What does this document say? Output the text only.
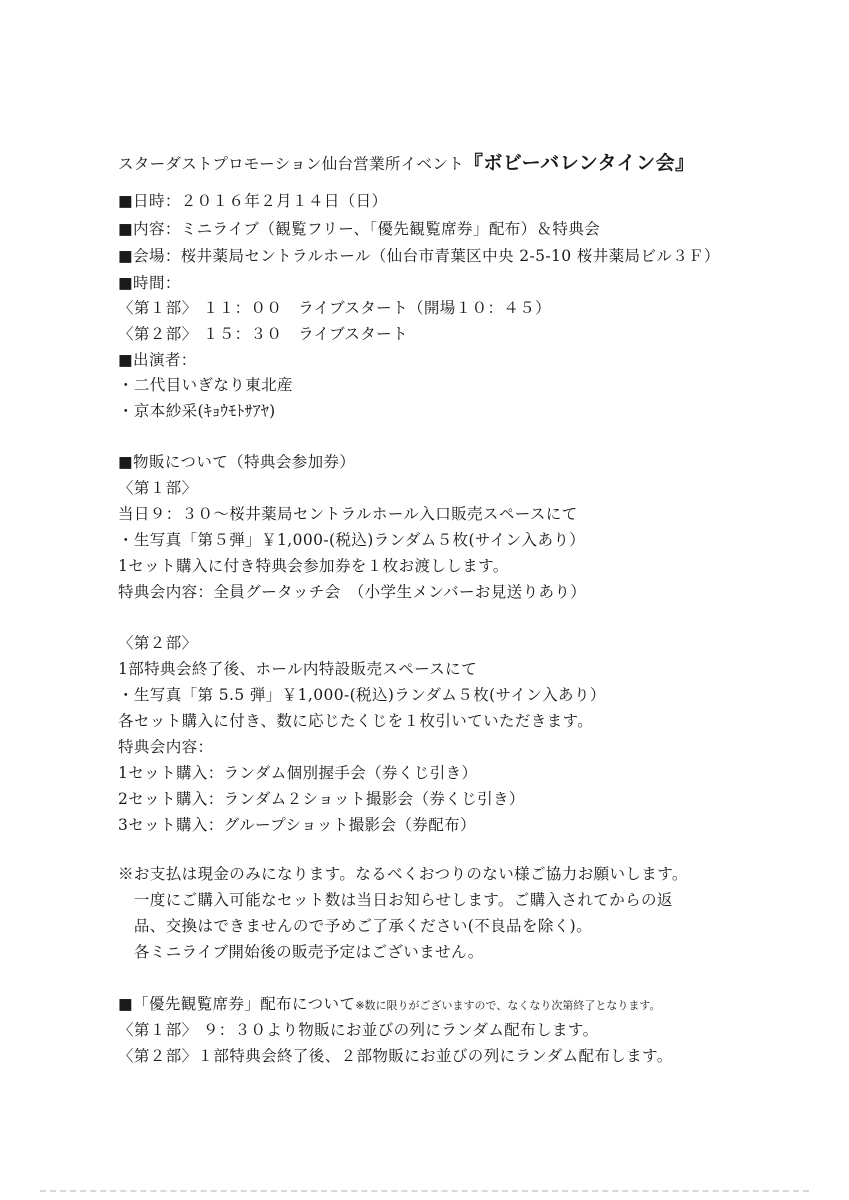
スターダストプロモーション仙台営業所イベント『ボビーバレンタイン会』
■日時：２０１６年２月１４日（日）
■内容：ミニライブ（観覧フリー、「優先観覧席券」配布）＆特典会
■会場：桜井薬局セントラルホール（仙台市青葉区中央 2-5-10 桜井薬局ビル３Ｆ）
■時間：
〈第１部〉 １１：００　ライブスタート（開場１０：４５）
〈第２部〉 １５：３０　ライブスタート
■出演者：
・二代目いぎなり東北産
・京本紗采(ｷｮｳﾓﾄｻｱﾔ)
■物販について（特典会参加券）
〈第１部〉
当日９：３０～桜井薬局セントラルホール入口販売スペースにて
・生写真「第５弾」￥1,000-(税込)ランダム５枚(サイン入あり）
1セット購入に付き特典会参加券を１枚お渡しします。
特典会内容：全員グータッチ会　（小学生メンバーお見送りあり）
〈第２部〉
1部特典会終了後、ホール内特設販売スペースにて
・生写真「第 5.5 弾」￥1,000-(税込)ランダム５枚(サイン入あり）
各セット購入に付き、数に応じたくじを１枚引いていただきます。
特典会内容：
1セット購入：ランダム個別握手会（券くじ引き）
2セット購入：ランダム２ショット撮影会（券くじ引き）
3セット購入：グループショット撮影会（券配布）
※お支払は現金のみになります。なるべくおつりのない様ご協力お願いします。
　一度にご購入可能なセット数は当日お知らせします。ご購入されてからの返
　品、交換はできませんので予めご了承ください(不良品を除く)。
　各ミニライブ開始後の販売予定はございません。
■「優先観覧席券」配布について※数に限りがございますので、なくなり次第終了となります。
〈第１部〉 ９：３０より物販にお並びの列にランダム配布します。
〈第２部〉１部特典会終了後、２部物販にお並びの列にランダム配布します。
